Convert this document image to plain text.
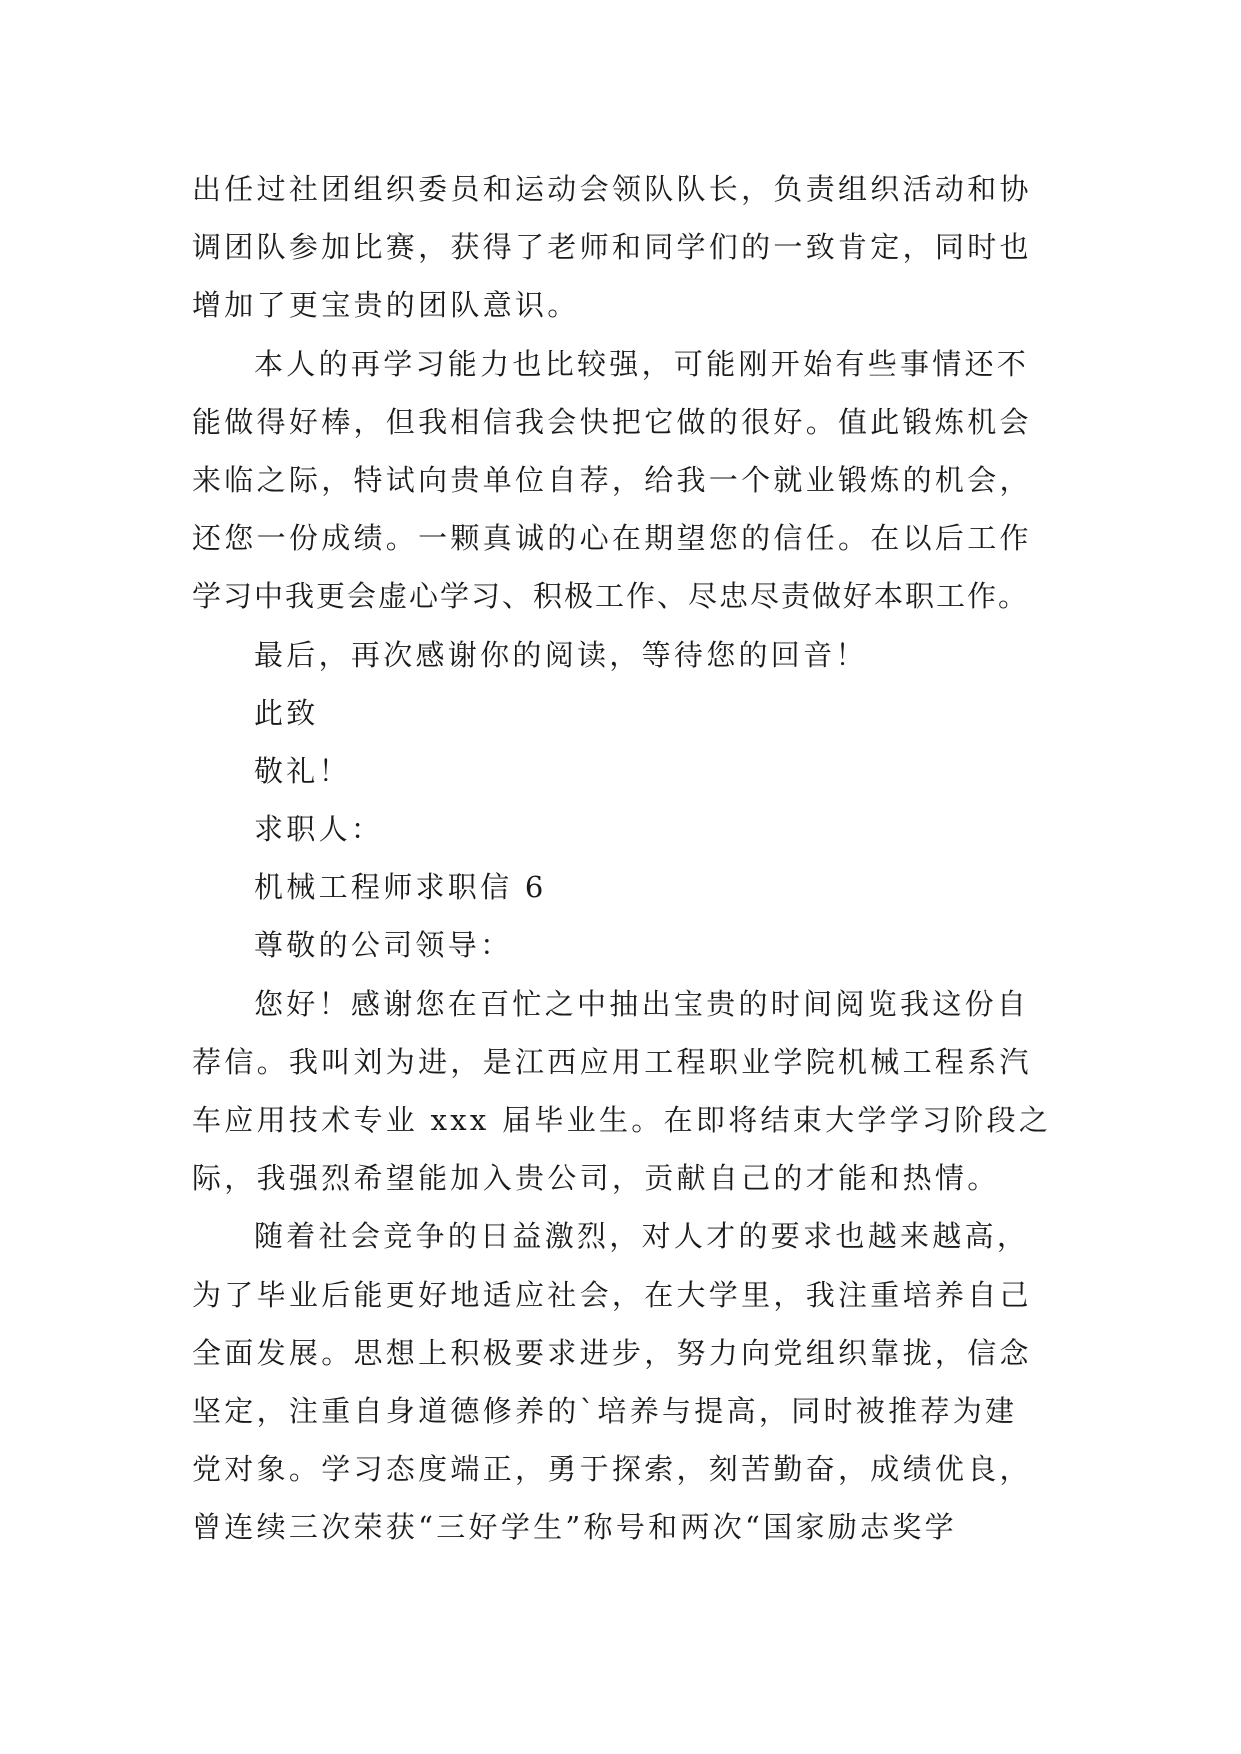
出任过社团组织委员和运动会领队队长，负责组织活动和协
调团队参加比赛，获得了老师和同学们的一致肯定，同时也
增加了更宝贵的团队意识。
本人的再学习能力也比较强，可能刚开始有些事情还不
能做得好棒，但我相信我会快把它做的很好。值此锻炼机会
来临之际，特试向贵单位自荐，给我一个就业锻炼的机会，
还您一份成绩。一颗真诚的心在期望您的信任。在以后工作
学习中我更会虚心学习、积极工作、尽忠尽责做好本职工作。
最后，再次感谢你的阅读，等待您的回音！
此致
敬礼！
求职人：
机械工程师求职信 6
尊敬的公司领导：
您好！感谢您在百忙之中抽出宝贵的时间阅览我这份自
荐信。我叫刘为进，是江西应用工程职业学院机械工程系汽
车应用技术专业 xxx 届毕业生。在即将结束大学学习阶段之
际，我强烈希望能加入贵公司，贡献自己的才能和热情。
随着社会竞争的日益激烈，对人才的要求也越来越高，
为了毕业后能更好地适应社会，在大学里，我注重培养自己
全面发展。思想上积极要求进步，努力向党组织靠拢，信念
坚定，注重自身道德修养的`培养与提高，同时被推荐为建
党对象。学习态度端正，勇于探索，刻苦勤奋，成绩优良，
曾连续三次荣获“三好学生”称号和两次“国家励志奖学
